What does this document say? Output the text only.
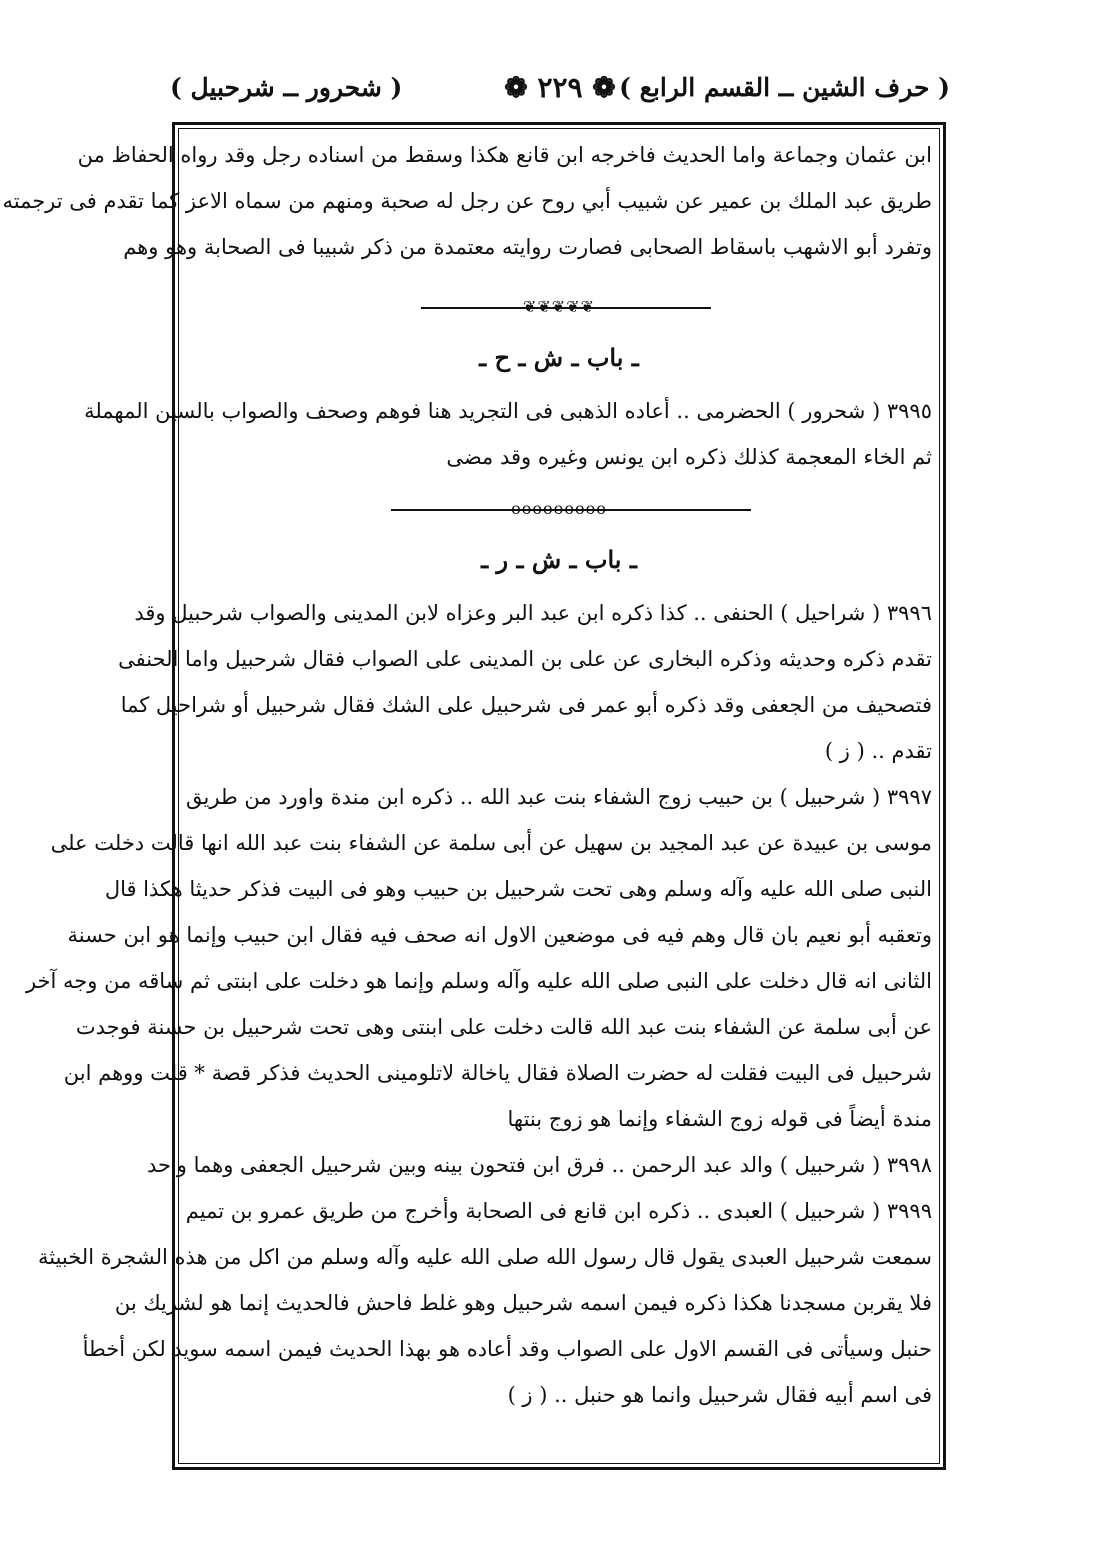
( حرف الشين ــ القسم الرابع )
❁ ٢٢٩ ❁
( شحرور ــ شرحبيل )
ابن عثمان وجماعة واما الحديث فاخرجه ابن قانع هكذا وسقط من اسناده رجل وقد رواه الحفاظ من
طريق عبد الملك بن عمير عن شبيب أبي روح عن رجل له صحبة ومنهم من سماه الاعز كما تقدم فى ترجمته
وتفرد أبو الاشهب باسقاط الصحابى فصارت روايته معتمدة من ذكر شبيبا فى الصحابة وهو وهم
❦❦❦❦❦
ـ باب ـ ش ـ ح ـ
٣٩٩٥ ( شحرور ) الحضرمى .. أعاده الذهبى فى التجريد هنا فوهم وصحف والصواب بالسين المهملة
ثم الخاء المعجمة كذلك ذكره ابن يونس وغيره وقد مضى
ooooooooo
ـ باب ـ ش ـ ر ـ
٣٩٩٦ ( شراحيل ) الحنفى .. كذا ذكره ابن عبد البر وعزاه لابن المدينى والصواب شرحبيل وقد
تقدم ذكره وحديثه وذكره البخارى عن على بن المدينى على الصواب فقال شرحبيل واما الحنفى
فتصحيف من الجعفى وقد ذكره أبو عمر فى شرحبيل على الشك فقال شرحبيل أو شراحيل كما
تقدم .. ( ز )
٣٩٩٧ ( شرحبيل ) بن حبيب زوج الشفاء بنت عبد الله .. ذكره ابن مندة واورد من طريق
موسى بن عبيدة عن عبد المجيد بن سهيل عن أبى سلمة عن الشفاء بنت عبد الله انها قالت دخلت على
النبى صلى الله عليه وآله وسلم وهى تحت شرحبيل بن حبيب وهو فى البيت فذكر حديثا هكذا قال
وتعقبه أبو نعيم بان قال وهم فيه فى موضعين الاول انه صحف فيه فقال ابن حبيب وإنما هو ابن حسنة
الثانى انه قال دخلت على النبى صلى الله عليه وآله وسلم وإنما هو دخلت على ابنتى ثم ساقه من وجه آخر
عن أبى سلمة عن الشفاء بنت عبد الله قالت دخلت على ابنتى وهى تحت شرحبيل بن حسنة فوجدت
شرحبيل فى البيت فقلت له حضرت الصلاة فقال ياخالة لاتلومينى الحديث فذكر قصة * قلت ووهم ابن
مندة أيضاً فى قوله زوج الشفاء وإنما هو زوج بنتها
٣٩٩٨ ( شرحبيل ) والد عبد الرحمن .. فرق ابن فتحون بينه وبين شرحبيل الجعفى وهما واحد
٣٩٩٩ ( شرحبيل ) العبدى .. ذكره ابن قانع فى الصحابة وأخرج من طريق عمرو بن تميم
سمعت شرحبيل العبدى يقول قال رسول الله صلى الله عليه وآله وسلم من اكل من هذه الشجرة الخبيثة
فلا يقربن مسجدنا هكذا ذكره فيمن اسمه شرحبيل وهو غلط فاحش فالحديث إنما هو لشريك بن
حنبل وسيأتى فى القسم الاول على الصواب وقد أعاده هو بهذا الحديث فيمن اسمه سويد لكن أخطأ
فى اسم أبيه فقال شرحبيل وانما هو حنبل .. ( ز )
